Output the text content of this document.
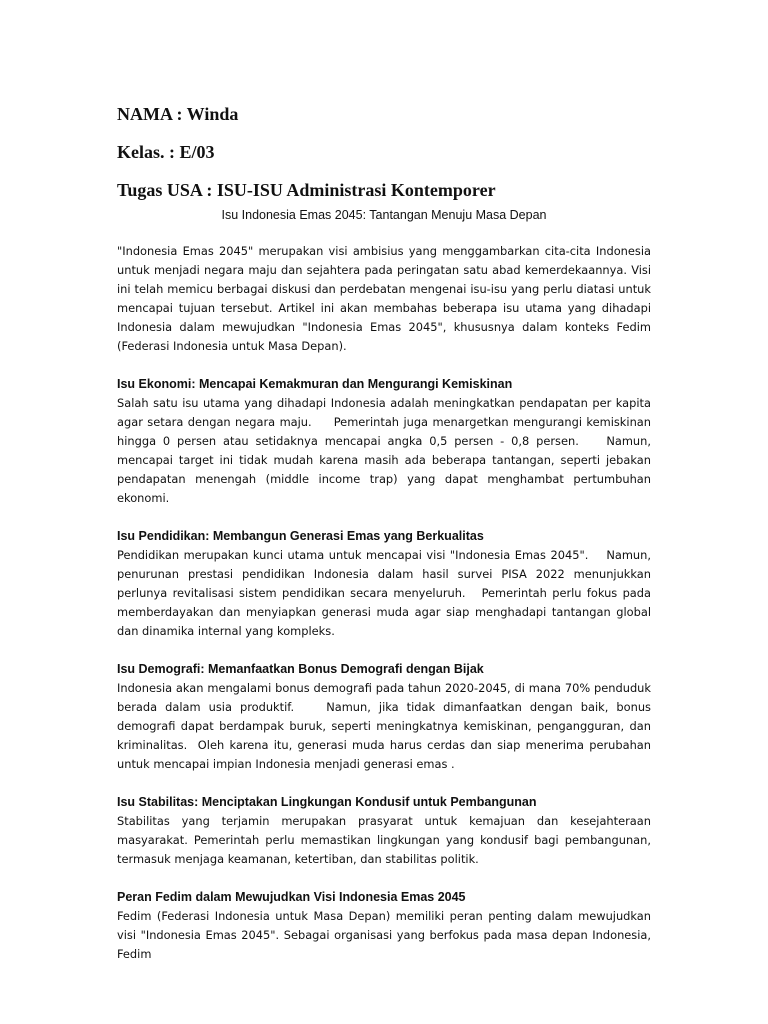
NAMA : Winda

Kelas. : E/03

Tugas USA : ISU-ISU Administrasi Kontemporer

Isu Indonesia Emas 2045: Tantangan Menuju Masa Depan

"Indonesia Emas 2045" merupakan visi ambisius yang menggambarkan cita-cita Indonesia untuk menjadi negara maju dan sejahtera pada peringatan satu abad kemerdekaannya. Visi ini telah memicu berbagai diskusi dan perdebatan mengenai isu-isu yang perlu diatasi untuk mencapai tujuan tersebut. Artikel ini akan membahas beberapa isu utama yang dihadapi Indonesia dalam mewujudkan "Indonesia Emas 2045", khususnya dalam konteks Fedim (Federasi Indonesia untuk Masa Depan).

Isu Ekonomi: Mencapai Kemakmuran dan Mengurangi Kemiskinan

Salah satu isu utama yang dihadapi Indonesia adalah meningkatkan pendapatan per kapita agar setara dengan negara maju.     Pemerintah juga menargetkan mengurangi kemiskinan hingga 0 persen atau setidaknya mencapai angka 0,5 persen - 0,8 persen.    Namun, mencapai target ini tidak mudah karena masih ada beberapa tantangan, seperti jebakan pendapatan menengah (middle income trap) yang dapat menghambat pertumbuhan ekonomi.

Isu Pendidikan: Membangun Generasi Emas yang Berkualitas

Pendidikan merupakan kunci utama untuk mencapai visi "Indonesia Emas 2045".    Namun, penurunan prestasi pendidikan Indonesia dalam hasil survei PISA 2022 menunjukkan perlunya revitalisasi sistem pendidikan secara menyeluruh.   Pemerintah perlu fokus pada memberdayakan dan menyiapkan generasi muda agar siap menghadapi tantangan global dan dinamika internal yang kompleks.

Isu Demografi: Memanfaatkan Bonus Demografi dengan Bijak

Indonesia akan mengalami bonus demografi pada tahun 2020-2045, di mana 70% penduduk berada dalam usia produktif.    Namun, jika tidak dimanfaatkan dengan baik, bonus demografi dapat berdampak buruk, seperti meningkatnya kemiskinan, pengangguran, dan kriminalitas.  Oleh karena itu, generasi muda harus cerdas dan siap menerima perubahan untuk mencapai impian Indonesia menjadi generasi emas .

Isu Stabilitas: Menciptakan Lingkungan Kondusif untuk Pembangunan

Stabilitas yang terjamin merupakan prasyarat untuk kemajuan dan kesejahteraan masyarakat. Pemerintah perlu memastikan lingkungan yang kondusif bagi pembangunan, termasuk menjaga keamanan, ketertiban, dan stabilitas politik.

Peran Fedim dalam Mewujudkan Visi Indonesia Emas 2045

Fedim (Federasi Indonesia untuk Masa Depan) memiliki peran penting dalam mewujudkan visi "Indonesia Emas 2045". Sebagai organisasi yang berfokus pada masa depan Indonesia, Fedim
